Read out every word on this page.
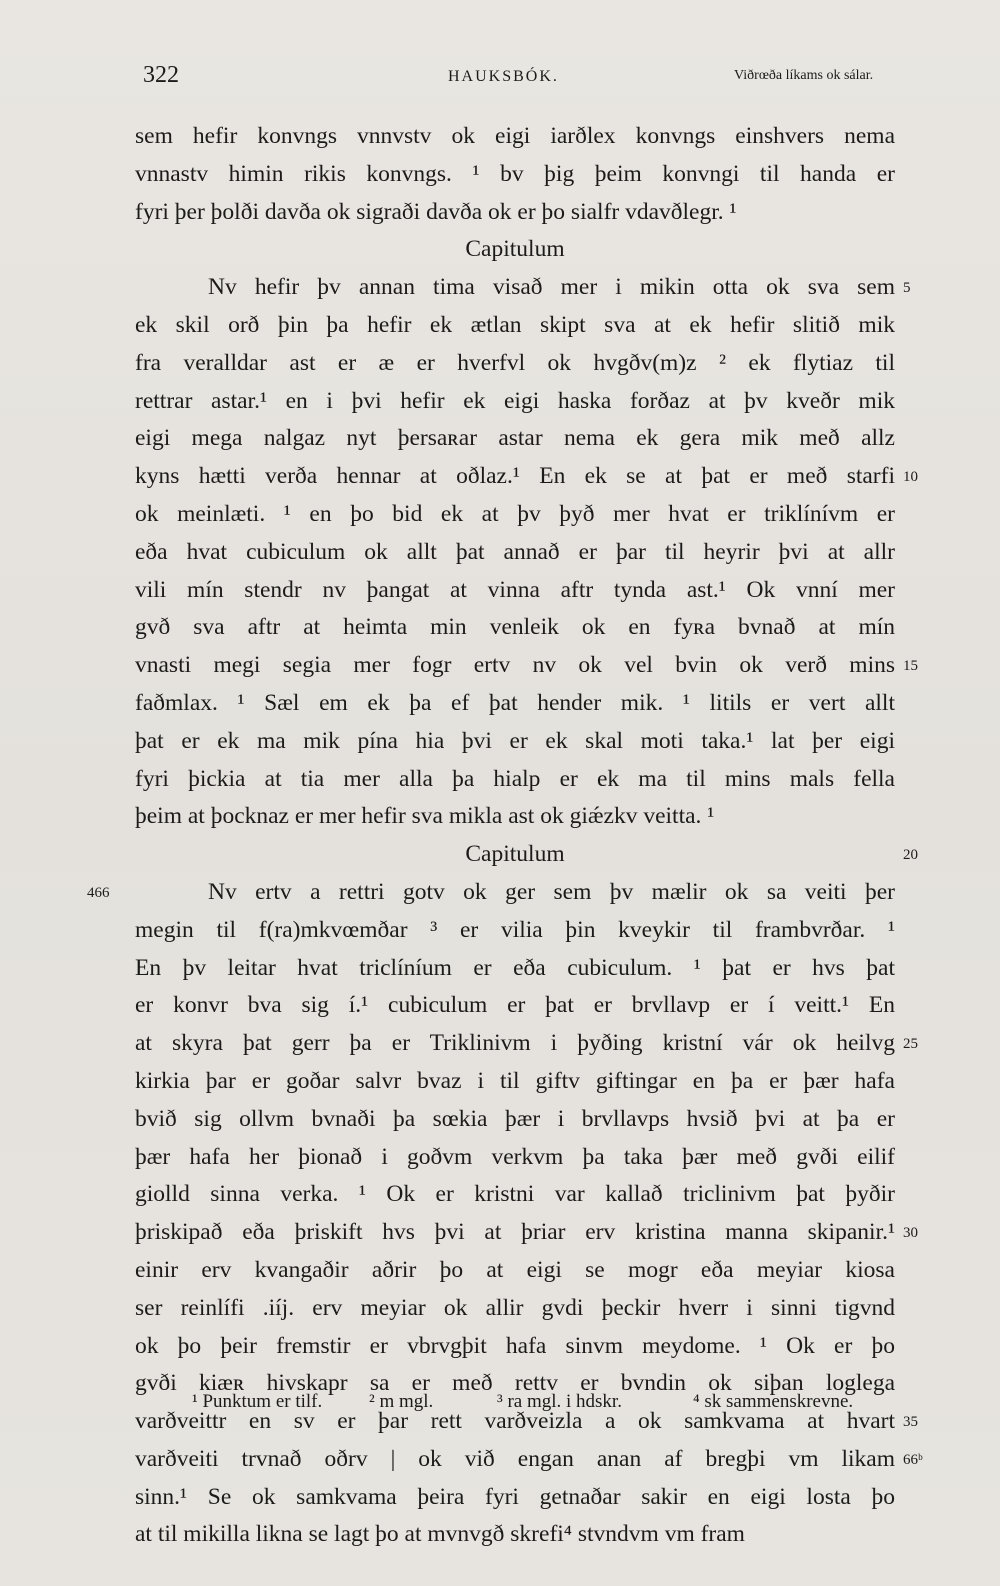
322	HAUKSBÓK.	Viðrœða líkams ok sálar.
sem hefir konvngs vnnvstv ok eigi iarðlex konvngs einshvers nema
vnnastv himin rikis konvngs. ¹ bv þig þeim konvngi til handa er
fyri þer þolði davða ok sigraði davða ok er þo sialfr vdavðlegr. ¹
Capitulum
Nv hefir þv annan tima visað mer i mikin otta ok sva sem 5
ek skil orð þin þa hefir ek ætlan skipt sva at ek hefir slitið mik
fra veralldar ast er æ er hverfvl ok hvgðv(m)z ² ek flytiaz til
rettrar astar.¹ en i þvi hefir ek eigi haska forðaz at þv kveðr mik
eigi mega nalgaz nyt þersaʀar astar nema ek gera mik með allz
kyns hætti verða hennar at oðlaz.¹ En ek se at þat er með starfi 10
ok meinlæti. ¹ en þo bid ek at þv þyð mer hvat er triklínívm er
eða hvat cubiculum ok allt þat annað er þar til heyrir þvi at allr
vili mín stendr nv þangat at vinna aftr tynda ast.¹ Ok vnní mer
gvð sva aftr at heimta min venleik ok en fyʀa bvnað at mín
vnasti megi segia mer fogr ertv nv ok vel bvin ok verð mins 15
faðmlax. ¹ Sæl em ek þa ef þat hender mik. ¹ litils er vert allt
þat er ek ma mik pína hia þvi er ek skal moti taka.¹ lat þer eigi
fyri þickia at tia mer alla þa hialp er ek ma til mins mals fella
þeim at þocknaz er mer hefir sva mikla ast ok giǽzkv veitta. ¹
Capitulum	20
Nv ertv a rettri gotv ok ger sem þv mælir ok sa veiti þer
466
megin til f(ra)mkvœmðar ³ er vilia þin kveykir til frambvrðar. ¹
En þv leitar hvat triclíníum er eða cubiculum. ¹ þat er hvs þat
er konvr bva sig í.¹ cubiculum er þat er brvllavp er í veitt.¹ En
at skyra þat gerr þa er Triklinivm i þyðing kristní vár ok heilvg 25
kirkia þar er goðar salvr bvaz i til giftv giftingar en þa er þær hafa
bvið sig ollvm bvnaði þa sœkia þær i brvllavps hvsið þvi at þa er
þær hafa her þionað i goðvm verkvm þa taka þær með gvði eilif
giolld sinna verka. ¹ Ok er kristni var kallað triclinivm þat þyðir
þriskipað eða þriskift hvs þvi at þriar erv kristina manna skipanir.¹ 30
einir erv kvangaðir aðrir þo at eigi se mogr eða meyiar kiosa
ser reinlífi .iíj. erv meyiar ok allir gvdi þeckir hverr i sinni tigvnd
ok þo þeir fremstir er vbrvgþit hafa sinvm meydome. ¹ Ok er þo
gvði kiæʀ hivskapr sa er með rettv er bvndin ok siþan loglega
varðveittr en sv er þar rett varðveizla a ok samkvama at hvart 35
varðveiti trvnað oðrv | ok við engan anan af bregþi vm likam 66ᵇ
sinn.¹ Se ok samkvama þeira fyri getnaðar sakir en eigi losta þo
at til mikilla likna se lagt þo at mvnvgð skrefi⁴ stvndvm vm fram
¹ Punktum er tilf. ² m mgl.	³ ra mgl. i hdskr.	⁴ sk sammenskrevne.
